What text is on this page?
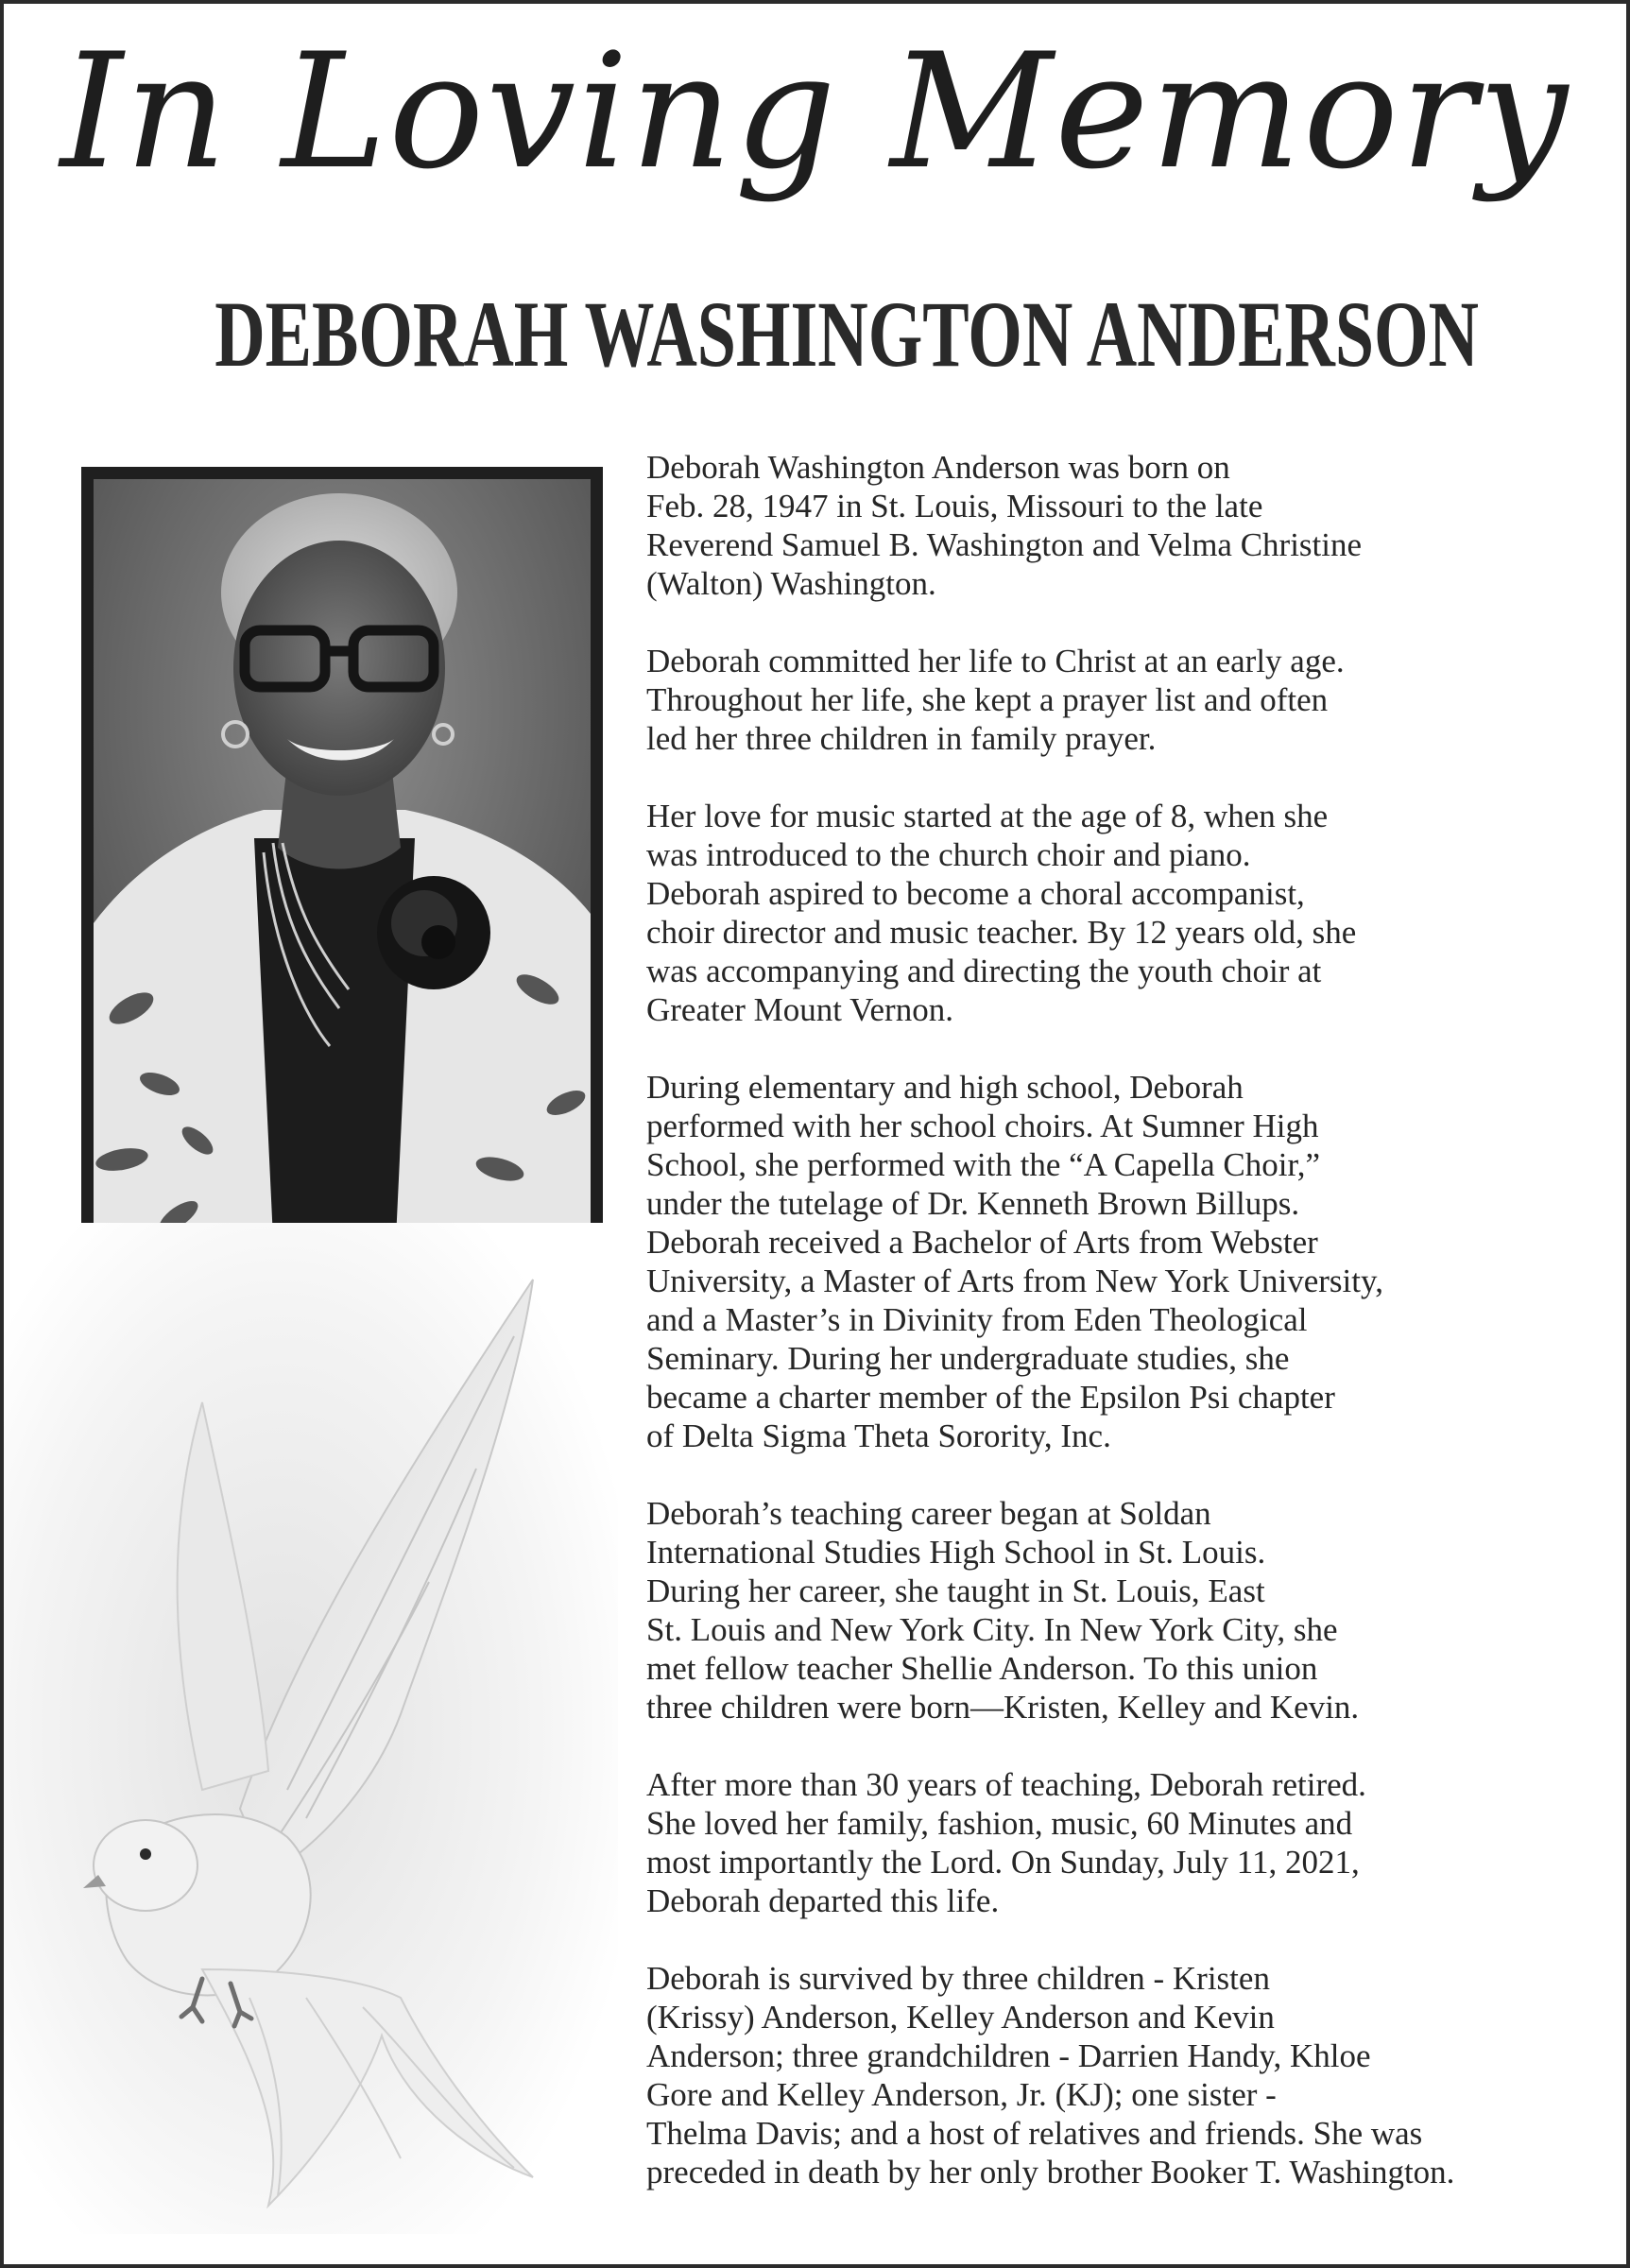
In Loving Memory
DEBORAH WASHINGTON ANDERSON

Deborah Washington Anderson was born on
Feb. 28, 1947 in St. Louis, Missouri to the late
Reverend Samuel B. Washington and Velma Christine
(Walton) Washington.

Deborah committed her life to Christ at an early age.
Throughout her life, she kept a prayer list and often
led her three children in family prayer.

Her love for music started at the age of 8, when she
was introduced to the church choir and piano.
Deborah aspired to become a choral accompanist,
choir director and music teacher. By 12 years old, she
was accompanying and directing the youth choir at
Greater Mount Vernon.

During elementary and high school, Deborah
performed with her school choirs. At Sumner High
School, she performed with the “A Capella Choir,”
under the tutelage of Dr. Kenneth Brown Billups.
Deborah received a Bachelor of Arts from Webster
University, a Master of Arts from New York University,
and a Master’s in Divinity from Eden Theological
Seminary. During her undergraduate studies, she
became a charter member of the Epsilon Psi chapter
of Delta Sigma Theta Sorority, Inc.

Deborah’s teaching career began at Soldan
International Studies High School in St. Louis.
During her career, she taught in St. Louis, East
St. Louis and New York City. In New York City, she
met fellow teacher Shellie Anderson. To this union
three children were born—Kristen, Kelley and Kevin.

After more than 30 years of teaching, Deborah retired.
She loved her family, fashion, music, 60 Minutes and
most importantly the Lord. On Sunday, July 11, 2021,
Deborah departed this life.

Deborah is survived by three children - Kristen
(Krissy) Anderson, Kelley Anderson and Kevin
Anderson; three grandchildren - Darrien Handy, Khloe
Gore and Kelley Anderson, Jr. (KJ); one sister -
Thelma Davis; and a host of relatives and friends. She was
preceded in death by her only brother Booker T. Washington.
